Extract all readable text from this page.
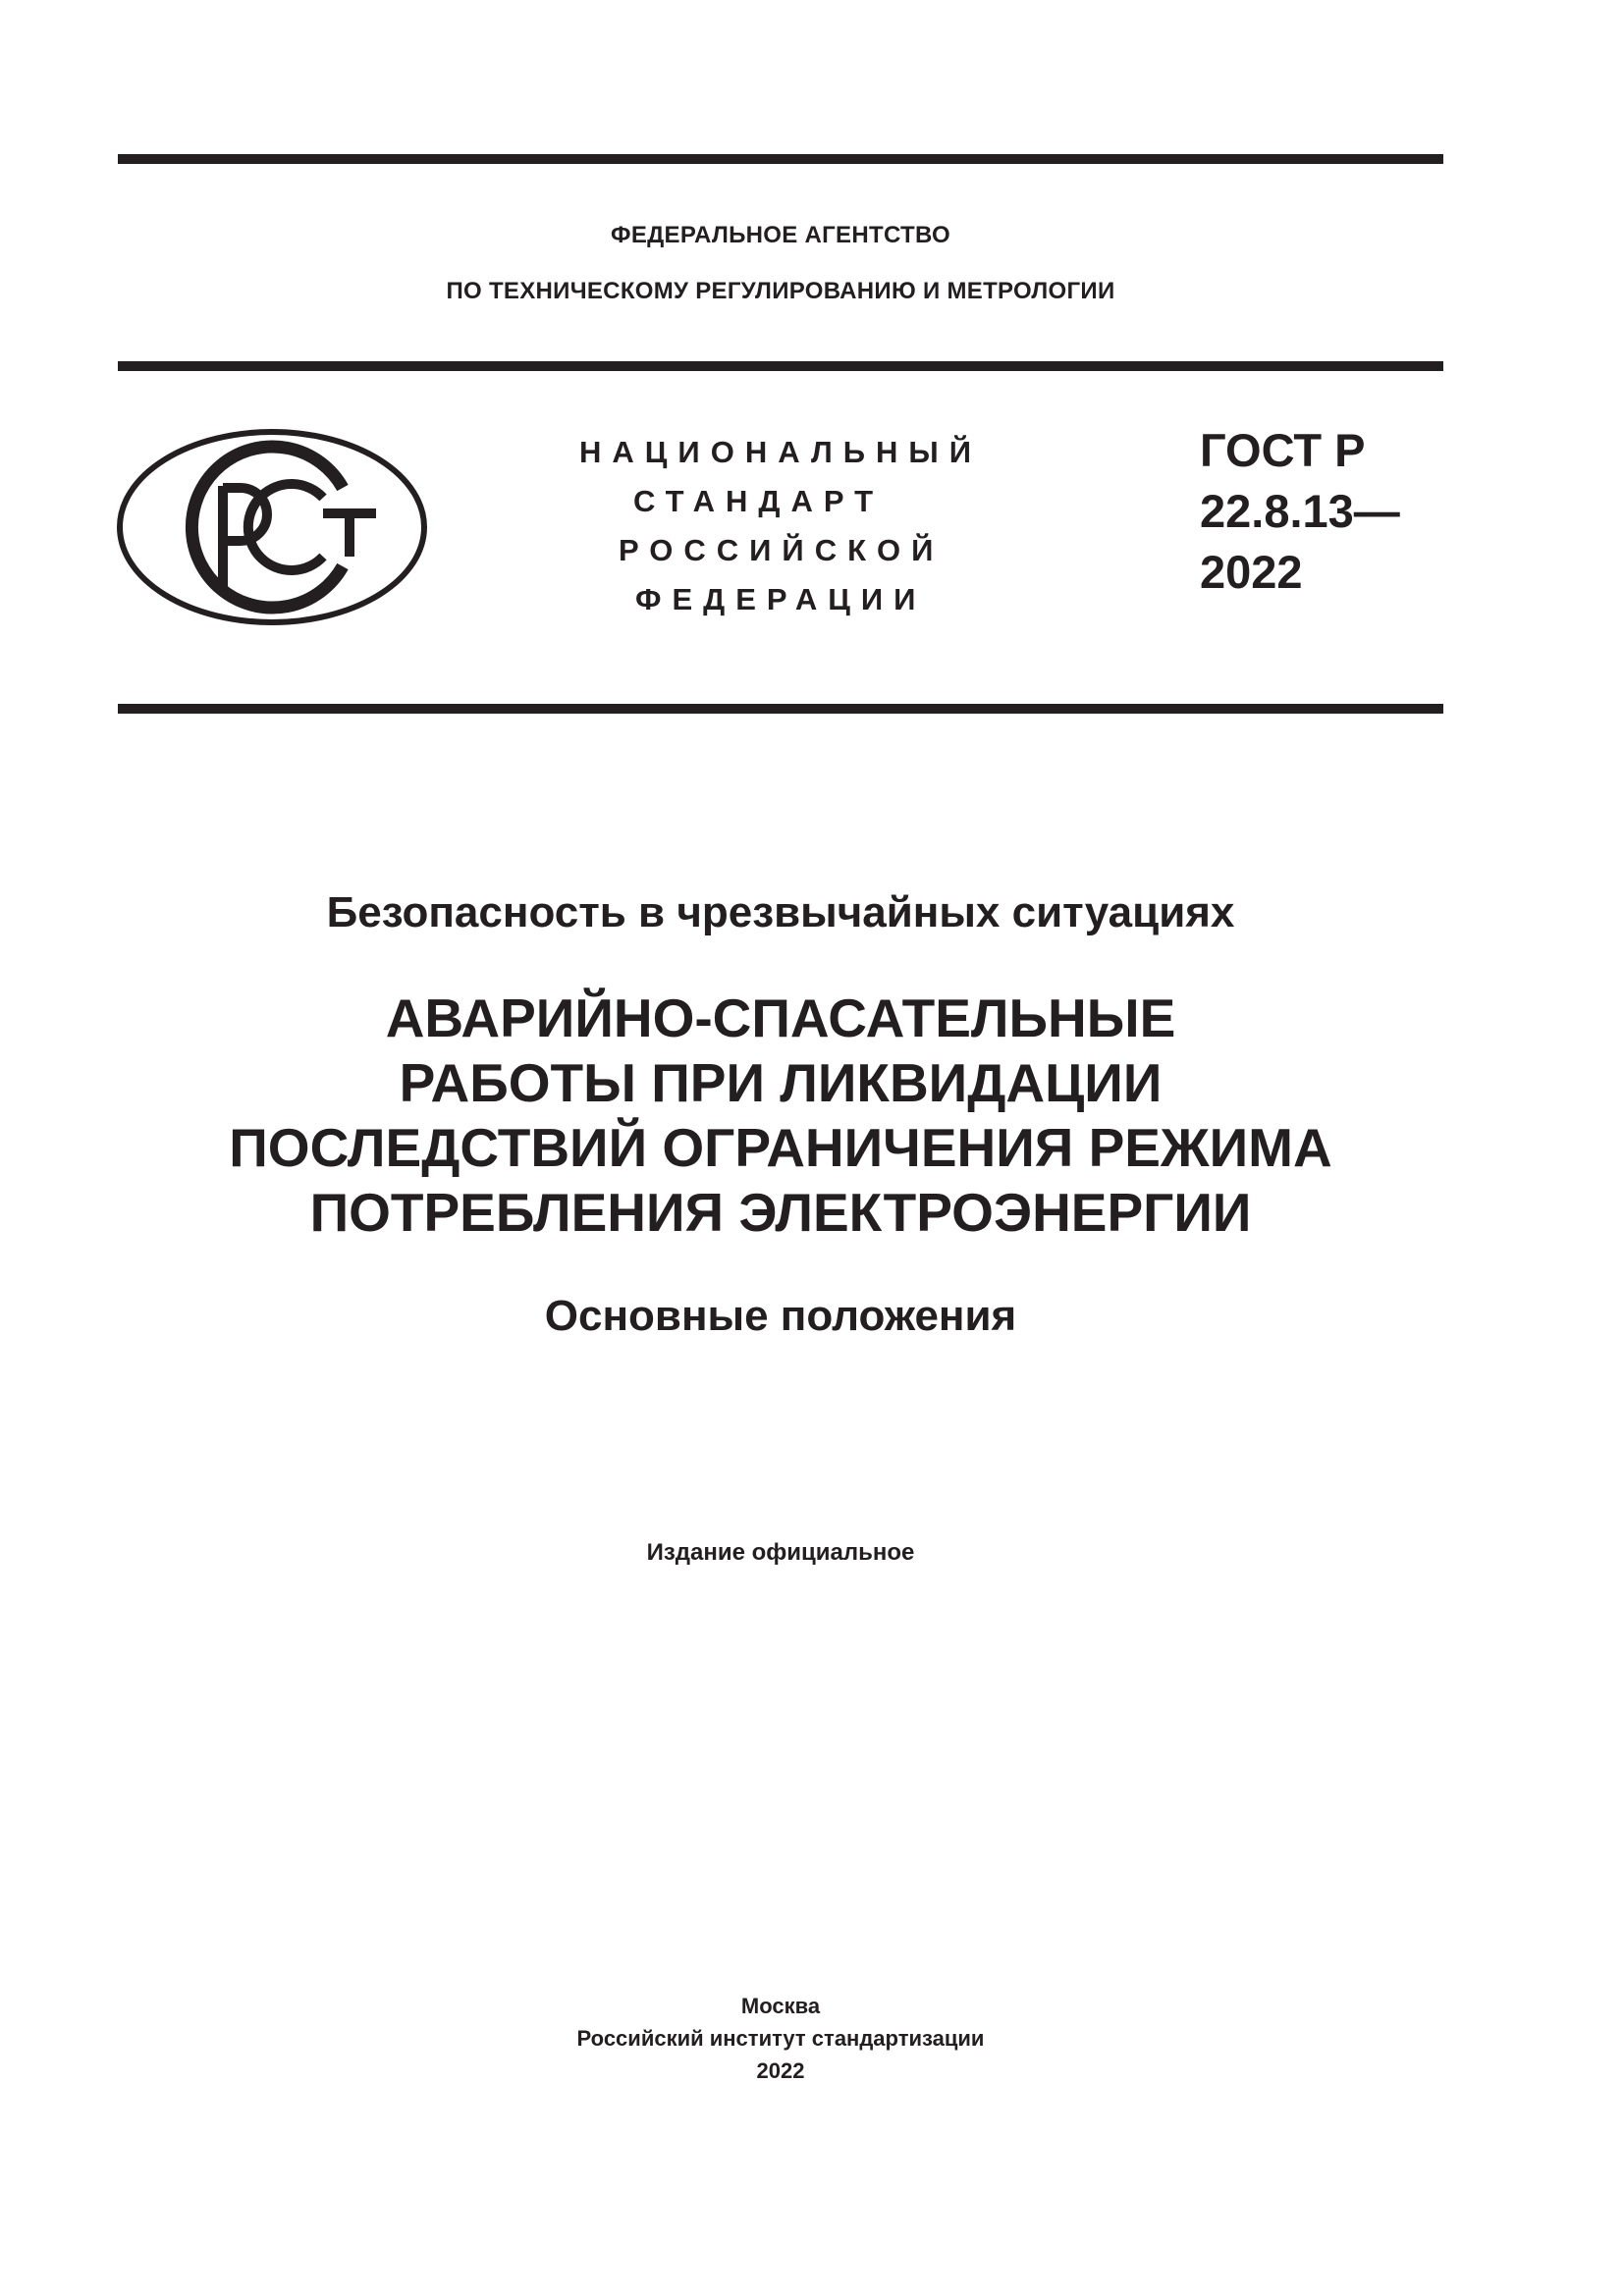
ФЕДЕРАЛЬНОЕ АГЕНТСТВО
ПО ТЕХНИЧЕСКОМУ РЕГУЛИРОВАНИЮ И МЕТРОЛОГИИ
НАЦИОНАЛЬНЫЙ
СТАНДАРТ
РОССИЙСКОЙ
ФЕДЕРАЦИИ
ГОСТ Р
22.8.13—
2022
Безопасность в чрезвычайных ситуациях
АВАРИЙНО-СПАСАТЕЛЬНЫЕ
РАБОТЫ ПРИ ЛИКВИДАЦИИ
ПОСЛЕДСТВИЙ ОГРАНИЧЕНИЯ РЕЖИМА
ПОТРЕБЛЕНИЯ ЭЛЕКТРОЭНЕРГИИ
Основные положения
Издание официальное
Москва
Российский институт стандартизации
2022
